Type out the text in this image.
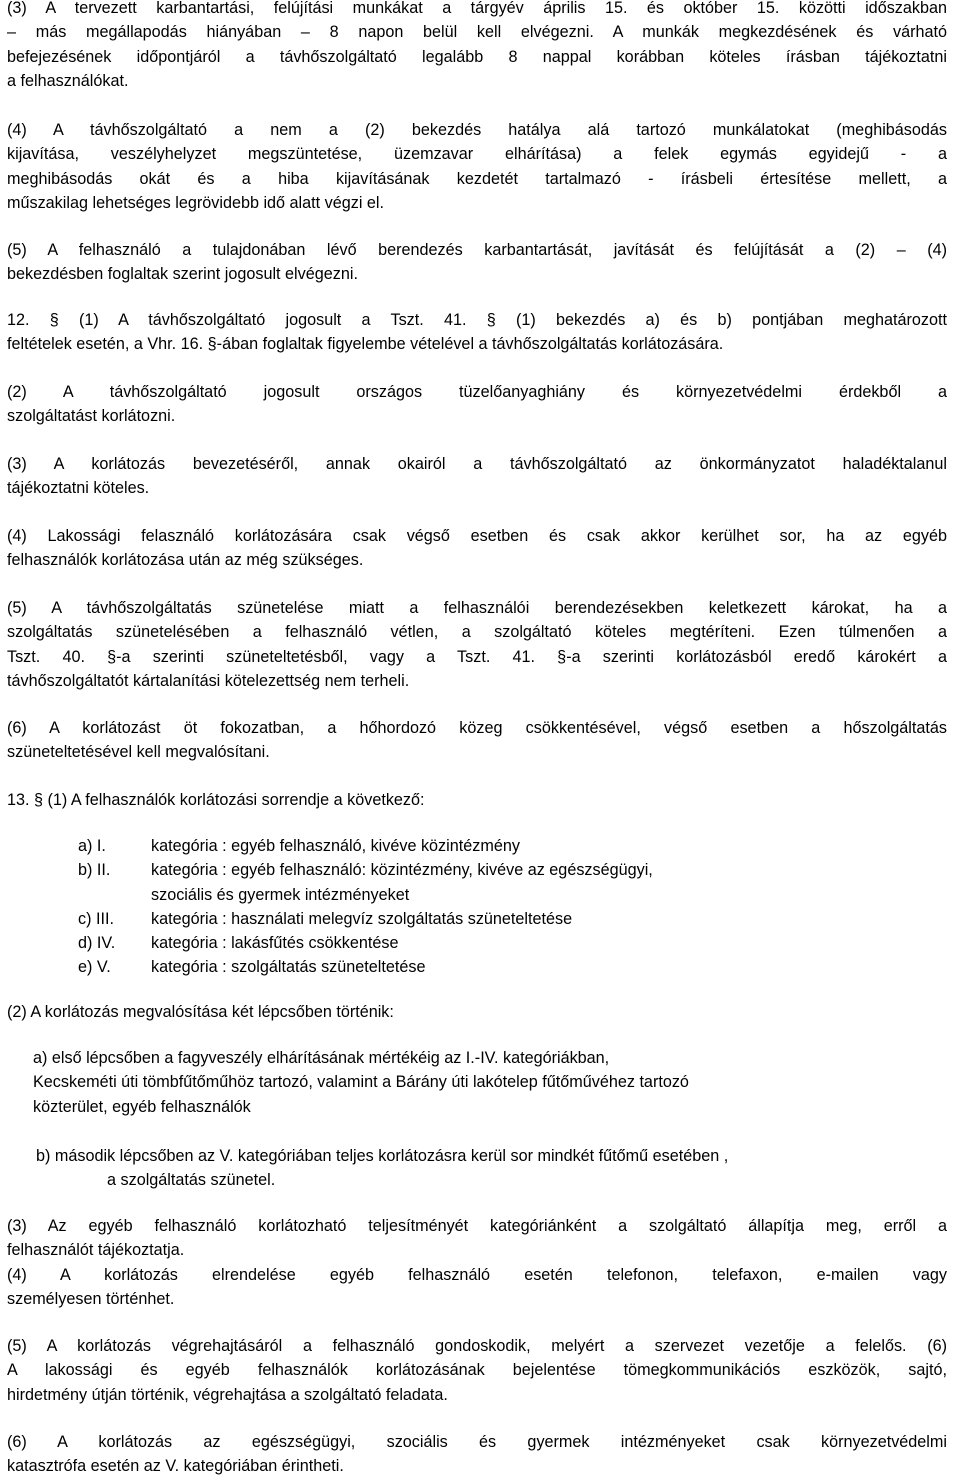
(3) A tervezett karbantartási, felújítási munkákat a tárgyév április 15. és október 15. közötti időszakban
– más megállapodás hiányában – 8 napon belül kell elvégezni. A munkák megkezdésének és várható
befejezésének időpontjáról a távhőszolgáltató legalább 8 nappal korábban köteles írásban tájékoztatni
a felhasználókat.
(4) A távhőszolgáltató a nem a (2) bekezdés hatálya alá tartozó munkálatokat (meghibásodás
kijavítása, veszélyhelyzet megszüntetése, üzemzavar elhárítása) a felek egymás egyidejű - a
meghibásodás okát és a hiba kijavításának kezdetét tartalmazó - írásbeli értesítése mellett, a
műszakilag lehetséges legrövidebb idő alatt végzi el.
(5) A felhasználó a tulajdonában lévő berendezés karbantartását, javítását és felújítását a (2) – (4)
bekezdésben foglaltak szerint jogosult elvégezni.
12. § (1) A távhőszolgáltató jogosult a Tszt. 41. § (1) bekezdés a) és b) pontjában meghatározott
feltételek esetén, a Vhr. 16. §-ában foglaltak figyelembe vételével a távhőszolgáltatás korlátozására.
(2) A távhőszolgáltató jogosult országos tüzelőanyaghiány és környezetvédelmi érdekből a
szolgáltatást korlátozni.
(3) A korlátozás bevezetéséről, annak okairól a távhőszolgáltató az önkormányzatot haladéktalanul
tájékoztatni köteles.
(4) Lakossági felasználó korlátozására csak végső esetben és csak akkor kerülhet sor, ha az egyéb
felhasználók korlátozása után az még szükséges.
(5) A távhőszolgáltatás szünetelése miatt a felhasználói berendezésekben keletkezett károkat, ha a
szolgáltatás szünetelésében a felhasználó vétlen, a szolgáltató köteles megtéríteni. Ezen túlmenően a
Tszt. 40. §-a szerinti szüneteltetésből, vagy a Tszt. 41. §-a szerinti korlátozásból eredő károkért a
távhőszolgáltatót kártalanítási kötelezettség nem terheli.
(6) A korlátozást öt fokozatban, a hőhordozó közeg csökkentésével, végső esetben a hőszolgáltatás
szüneteltetésével kell megvalósítani.
13. § (1) A felhasználók korlátozási sorrendje a következő:
a) I.	kategória : egyéb felhasználó, kivéve közintézmény
b) II.	kategória : egyéb felhasználó: közintézmény, kivéve az egészségügyi,
szociális és gyermek intézményeket
c) III.	kategória : használati melegvíz szolgáltatás szüneteltetése
d) IV.	kategória : lakásfűtés csökkentése
e) V.	kategória : szolgáltatás szüneteltetése
(2) A korlátozás megvalósítása két lépcsőben történik:
a) első lépcsőben a fagyveszély elhárításának mértékéig az I.-IV. kategóriákban,
Kecskeméti úti tömbfűtőműhöz tartozó, valamint a Bárány úti lakótelep fűtőművéhez tartozó
közterület, egyéb felhasználók
b) második lépcsőben az V. kategóriában teljes korlátozásra kerül sor mindkét fűtőmű esetében ,
a szolgáltatás szünetel.
(3) Az egyéb felhasználó korlátozható teljesítményét kategóriánként a szolgáltató állapítja meg, erről a
felhasználót tájékoztatja.
(4) A korlátozás elrendelése egyéb felhasználó esetén telefonon, telefaxon, e-mailen vagy
személyesen történhet.
(5) A korlátozás végrehajtásáról a felhasználó gondoskodik, melyért a szervezet vezetője a felelős. (6)
A lakossági és egyéb felhasználók korlátozásának bejelentése tömegkommunikációs eszközök, sajtó,
hirdetmény útján történik, végrehajtása a szolgáltató feladata.
(6) A korlátozás az egészségügyi, szociális és gyermek intézményeket csak környezetvédelmi
katasztrófa esetén az V. kategóriában érintheti.
